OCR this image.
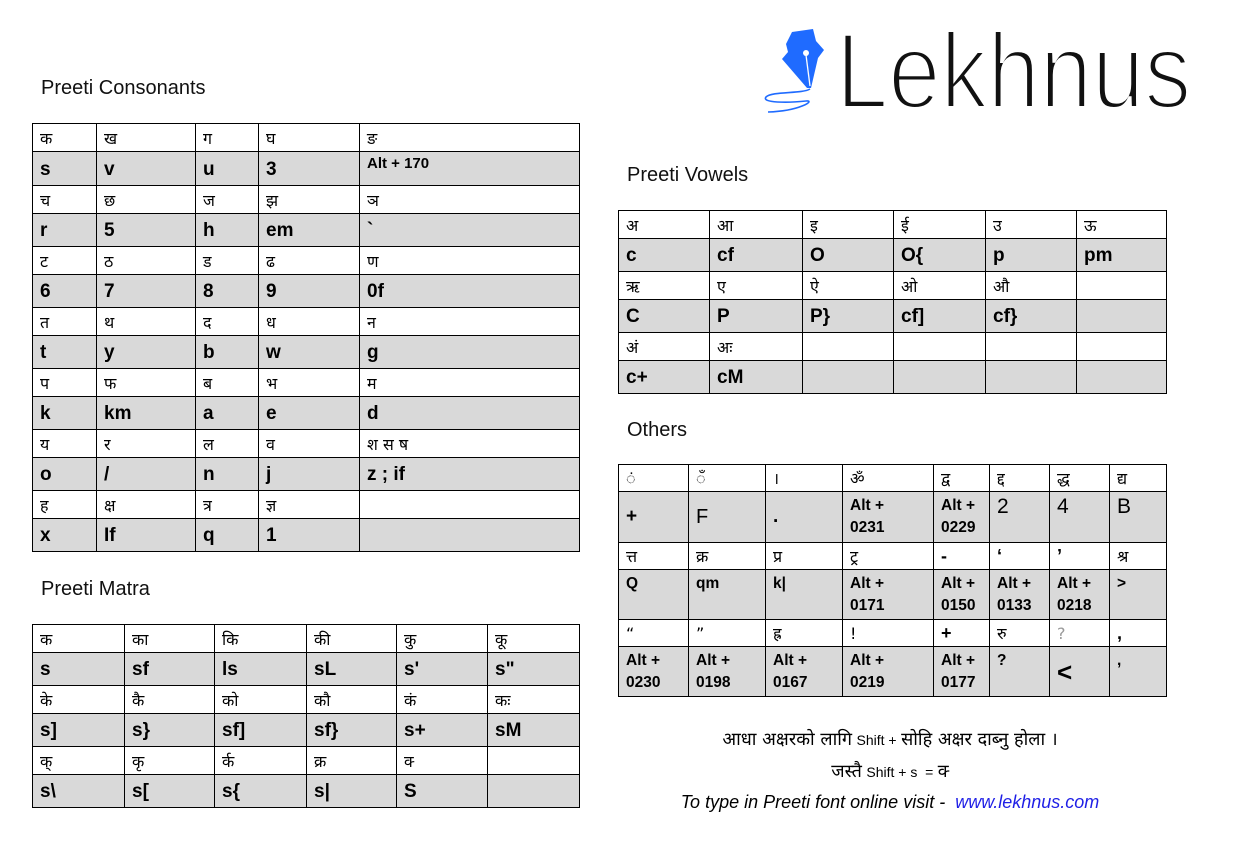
Lekhnus
Preeti Consonants
Preeti Matra
Preeti Vowels
Others
क	ख	ग	घ	ङ
s	v	u	3	Alt + 170
च	छ	ज	झ	ञ
r	5	h	em	`
ट	ठ	ड	ढ	ण
6	7	8	9	0f
त	थ	द	ध	न
t	y	b	w	g
प	फ	ब	भ	म
k	km	a	e	d
य	र	ल	व	श स ष
o	/	n	j	z ; if
ह	क्ष	त्र	ज्ञ	
x	If	q	1	
क	का	कि	की	कु	कू
s	sf	ls	sL	s'	s"
के	कै	को	कौ	कं	कः
s]	s}	sf]	sf}	s+	sM
क्	कृ	र्क	क्र	क्‍	
s\	s[	s{	s|	S	
अ	आ	इ	ई	उ	ऊ
c	cf	O	O{	p	pm
ऋ	ए	ऐ	ओ	औ	
C	P	P}	cf]	cf}	
अं	अः				
c+	cM				
ं	ँ	।	ॐ	द्व	द्द	द्ध	द्य
+	F	.	Alt + 0231	Alt + 0229	2	4	B
त्त	क्र	प्र	ट्र	-	‘	’	श्र
Q	qm	k|	Alt + 0171	Alt + 0150	Alt + 0133	Alt + 0218	>
“	”	ह्र	!	+	रु	?	,

Alt + 0230	Alt + 0198	Alt + 0167	Alt + 0219	Alt + 0177	?	<	,
आधा अक्षरको लागि Shift + सोहि अक्षर दाब्नु होला ।
जस्तै Shift + s  = क्‍
To type in Preeti font online visit -  www.lekhnus.com
